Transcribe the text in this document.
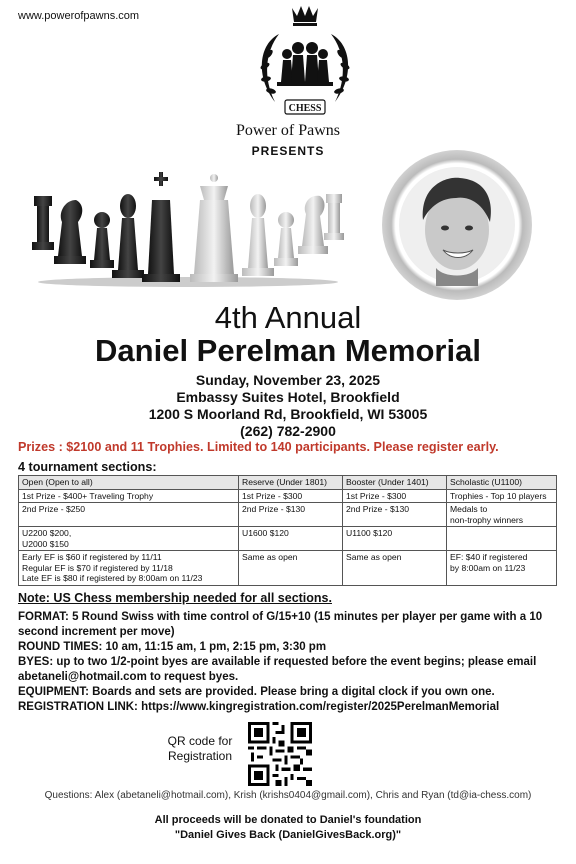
www.powerofpawns.com
CHESS
Power of Pawns
PRESENTS
4th Annual
Daniel Perelman Memorial
Sunday, November 23, 2025
Embassy Suites Hotel, Brookfield
1200 S Moorland Rd, Brookfield, WI 53005
(262) 782-2900
Prizes : $2100 and 11 Trophies. Limited to 140 participants. Please register early.
4 tournament sections:
Open (Open to all)	Reserve (Under 1801)	Booster (Under 1401)	Scholastic (U1100)
1st Prize - $400+ Traveling Trophy	1st Prize - $300	1st Prize - $300	Trophies - Top 10 players
2nd Prize - $250	2nd Prize - $130	2nd Prize - $130	Medals to
non-trophy winners
U2200 $200,
U2000 $150	U1600 $120	U1100 $120	
Early EF is $60 if registered by 11/11
Regular EF is $70 if registered by 11/18
Late EF is $80 if registered by 8:00am on 11/23	Same as open	Same as open	EF: $40 if registered
by 8:00am on 11/23
Note: US Chess membership needed for all sections.
FORMAT: 5 Round Swiss with time control of G/15+10 (15 minutes per player per game with a 10 second increment per move)
ROUND TIMES: 10 am, 11:15 am, 1 pm, 2:15 pm, 3:30 pm
BYES: up to two 1/2-point byes are available if requested before the event begins; please email abetaneli@hotmail.com to request byes.
EQUIPMENT: Boards and sets are provided. Please bring a digital clock if you own one.
REGISTRATION LINK: https://www.kingregistration.com/register/2025PerelmanMemorial
QR code for Registration
Questions: Alex (abetaneli@hotmail.com), Krish (krishs0404@gmail.com), Chris and Ryan (td@ia-chess.com)
All proceeds will be donated to Daniel's foundation
"Daniel Gives Back (DanielGivesBack.org)"
